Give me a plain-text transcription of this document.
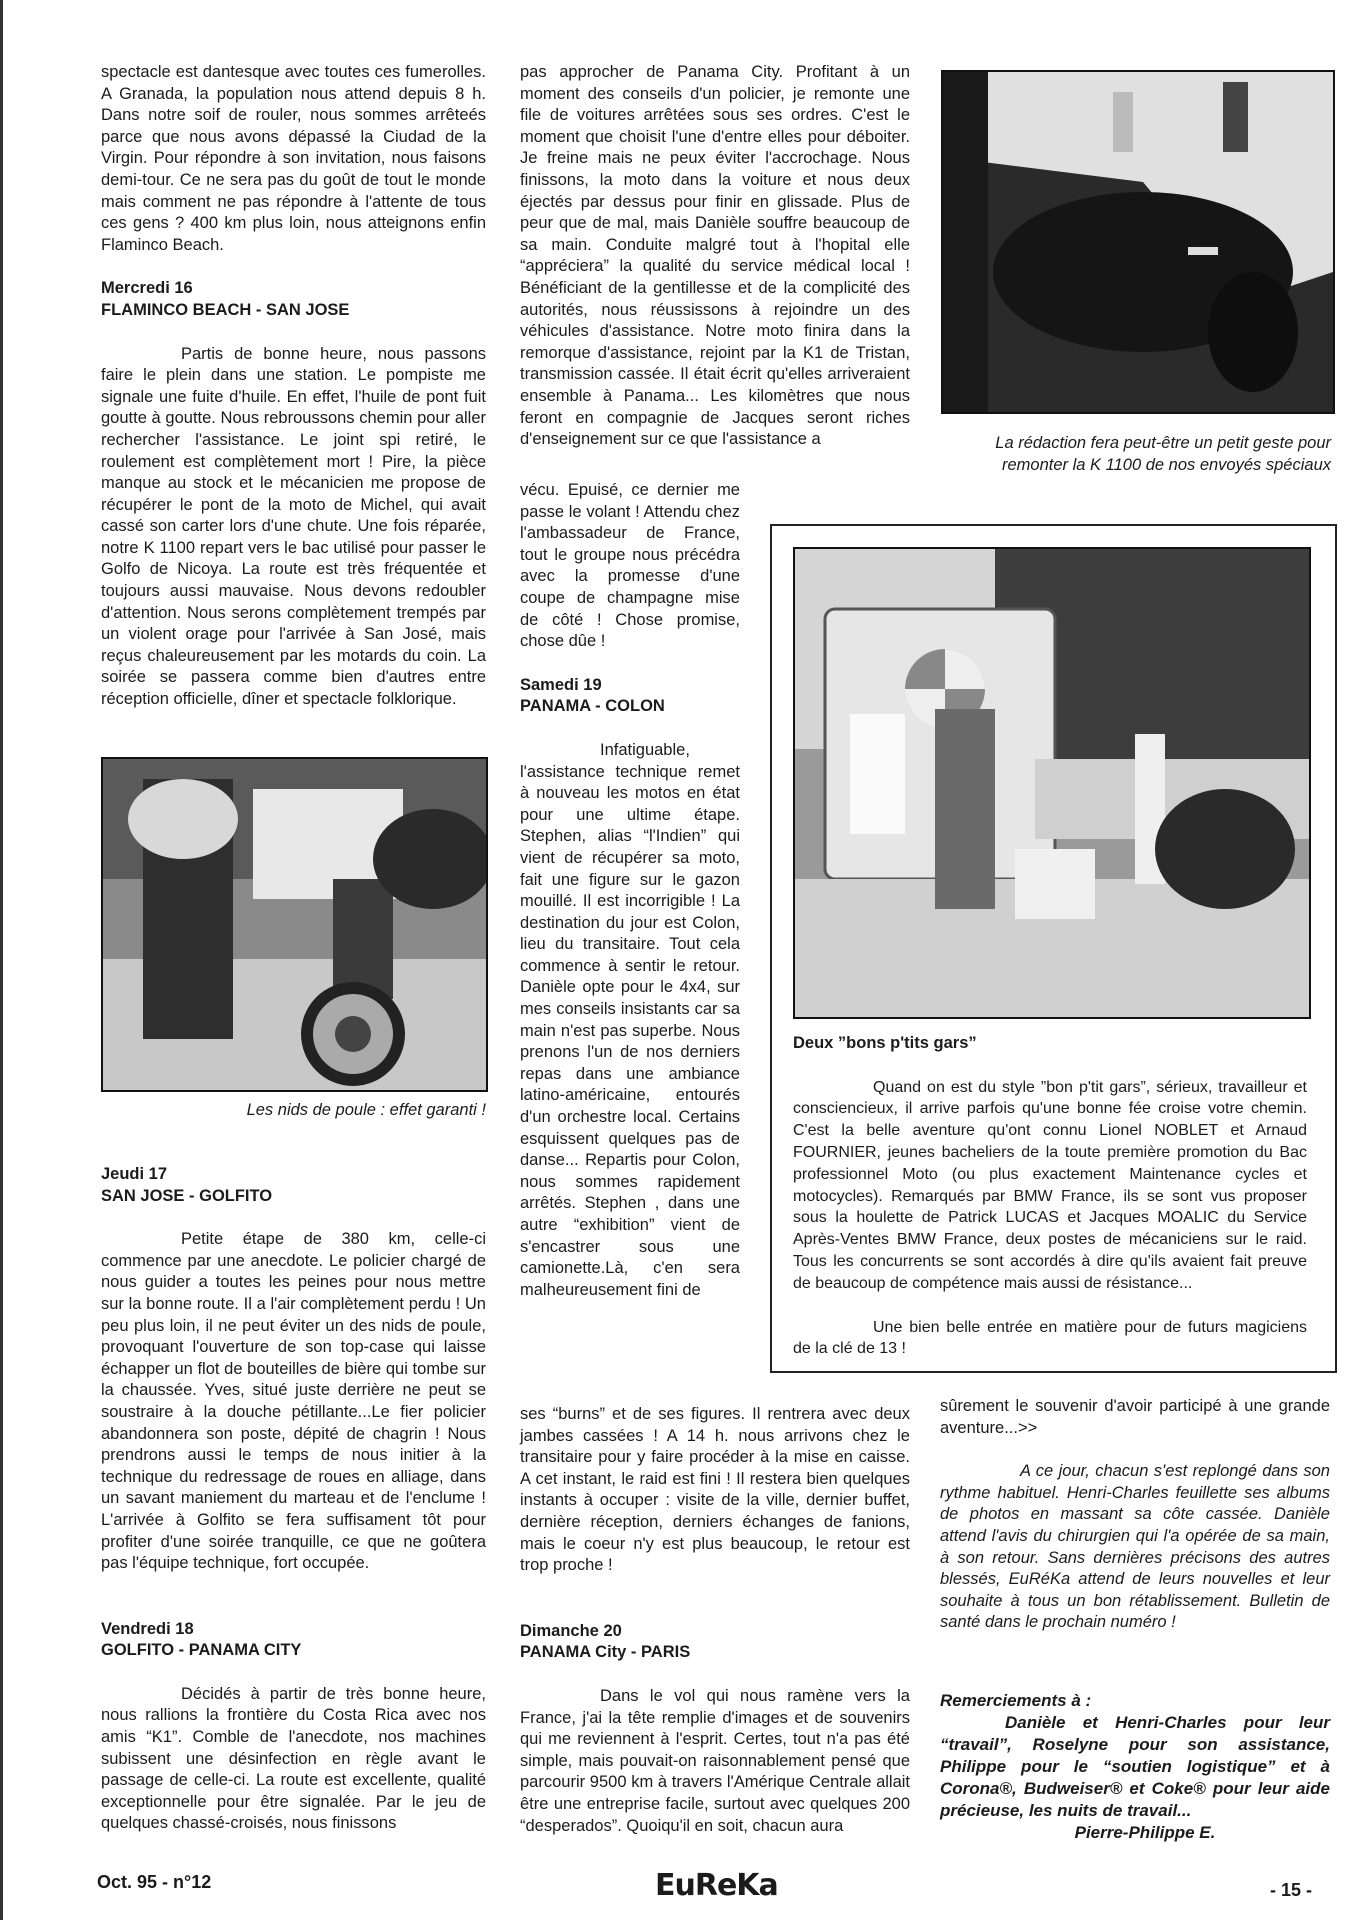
spectacle est dantesque avec toutes ces fumerolles. A Granada, la population nous attend depuis 8 h. Dans notre soif de rouler, nous sommes arrêteés parce que nous avons dépassé la Ciudad de la Virgin. Pour répondre à son invitation, nous faisons demi-tour. Ce ne sera pas du goût de tout le monde mais comment ne pas répondre à l'attente de tous ces gens ? 400 km plus loin, nous atteignons enfin Flaminco Beach.

Mercredi 16

FLAMINCO BEACH - SAN JOSE

Partis de bonne heure, nous passons faire le plein dans une station. Le pompiste me signale une fuite d'huile. En effet, l'huile de pont fuit goutte à goutte. Nous rebroussons chemin pour aller rechercher l'assistance. Le joint spi retiré, le roulement est complètement mort ! Pire, la pièce manque au stock et le mécanicien me propose de récupérer le pont de la moto de Michel, qui avait cassé son carter lors d'une chute. Une fois réparée, notre K 1100 repart vers le bac utilisé pour passer le Golfo de Nicoya. La route est très fréquentée et toujours aussi mauvaise. Nous devons redoubler d'attention. Nous serons complètement trempés par un violent orage pour l'arrivée à San José, mais reçus chaleureusement par les motards du coin. La soirée se passera comme bien d'autres entre réception officielle, dîner et spectacle folklorique.

Les nids de poule : effet garanti !

Jeudi 17

SAN JOSE - GOLFITO

Petite étape de 380 km, celle-ci commence par une anecdote. Le policier chargé de nous guider a toutes les peines pour nous mettre sur la bonne route. Il a l'air complètement perdu ! Un peu plus loin, il ne peut éviter un des nids de poule, provoquant l'ouverture de son top-case qui laisse échapper un flot de bouteilles de bière qui tombe sur la chaussée. Yves, situé juste derrière ne peut se soustraire à la douche pétillante...Le fier policier abandonnera son poste, dépité de chagrin ! Nous prendrons aussi le temps de nous initier à la technique du redressage de roues en alliage, dans un savant maniement du marteau et de l'enclume ! L'arrivée à Golfito se fera suffisament tôt pour profiter d'une soirée tranquille, ce que ne goûtera pas l'équipe technique, fort occupée.

Vendredi 18

GOLFITO - PANAMA CITY

Décidés à partir de très bonne heure, nous rallions la frontière du Costa Rica avec nos amis “K1”. Comble de l'anecdote, nos machines subissent une désinfection en règle avant le passage de celle-ci. La route est excellente, qualité exceptionnelle pour être signalée. Par le jeu de quelques chassé-croisés, nous finissons

Oct. 95 - n°12

pas approcher de Panama City. Profitant à un moment des conseils d'un policier, je remonte une file de voitures arrêtées sous ses ordres. C'est le moment que choisit l'une d'entre elles pour déboiter. Je freine mais ne peux éviter l'accrochage. Nous finissons, la moto dans la voiture et nous deux éjectés par dessus pour finir en glissade. Plus de peur que de mal, mais Danièle souffre beaucoup de sa main. Conduite malgré tout à l'hopital elle “appréciera” la qualité du service médical local ! Bénéficiant de la gentillesse et de la complicité des autorités, nous réussissons à rejoindre un des véhicules d'assistance. Notre moto finira dans la remorque d'assistance, rejoint par la K1 de Tristan, transmission cassée. Il était écrit qu'elles arriveraient ensemble à Panama... Les kilomètres que nous feront en compagnie de Jacques seront riches d'enseignement sur ce que l'assistance a

vécu. Epuisé, ce dernier me passe le volant ! Attendu chez l'ambassadeur de France, tout le groupe nous précédra avec la promesse d'une coupe de champagne mise de côté ! Chose promise, chose dûe !

Samedi 19

PANAMA - COLON

Infatiguable, l'assistance technique remet à nouveau les motos en état pour une ultime étape. Stephen, alias “l'Indien” qui vient de récupérer sa moto, fait une figure sur le gazon mouillé. Il est incorrigible ! La destination du jour est Colon, lieu du transitaire. Tout cela commence à sentir le retour. Danièle opte pour le 4x4, sur mes conseils insistants car sa main n'est pas superbe. Nous prenons l'un de nos derniers repas dans une ambiance latino-américaine, entourés d'un orchestre local. Certains esquissent quelques pas de danse... Repartis pour Colon, nous sommes rapidement arrêtés. Stephen , dans une autre “exhibition” vient de s'encastrer sous une camionette.Là, c'en sera malheureusement fini de

ses “burns” et de ses figures. Il rentrera avec deux jambes cassées ! A 14 h. nous arrivons chez le transitaire pour y faire procéder à la mise en caisse. A cet instant, le raid est fini ! Il restera bien quelques instants à occuper : visite de la ville, dernier buffet, dernière réception, derniers échanges de fanions, mais le coeur n'y est plus beaucoup, le retour est trop proche !

Dimanche 20

PANAMA City - PARIS

Dans le vol qui nous ramène vers la France, j'ai la tête remplie d'images et de souvenirs qui me reviennent à l'esprit. Certes, tout n'a pas été simple, mais pouvait-on raisonnablement pensé que parcourir 9500 km à travers l'Amérique Centrale allait être une entreprise facile, surtout avec quelques 200 “desperados”. Quoiqu'il en soit, chacun aura

EuReKa
La rédaction fera peut-être un petit geste pour remonter la K 1100 de nos envoyés spéciaux

Deux ”bons p'tits gars”

Quand on est du style ”bon p'tit gars”, sérieux, travailleur et consciencieux, il arrive parfois qu'une bonne fée croise votre chemin. C'est la belle aventure qu'ont connu Lionel NOBLET et Arnaud FOURNIER, jeunes bacheliers de la toute première promotion du Bac professionnel Moto (ou plus exactement Maintenance cycles et motocycles). Remarqués par BMW France, ils se sont vus proposer sous la houlette de Patrick LUCAS et Jacques MOALIC du Service Après-Ventes BMW France, deux postes de mécaniciens sur le raid. Tous les concurrents se sont accordés à dire qu'ils avaient fait preuve de beaucoup de compétence mais aussi de résistance...

Une bien belle entrée en matière pour de futurs magiciens de la clé de 13 !

sûrement le souvenir d'avoir participé à une grande aventure...>>

A ce jour, chacun s'est replongé dans son rythme habituel. Henri-Charles feuillette ses albums de photos en massant sa côte cassée. Danièle attend l'avis du chirurgien qui l'a opérée de sa main, à son retour. Sans dernières précisons des autres blessés, EuRéKa attend de leurs nouvelles et leur souhaite à tous un bon rétablissement. Bulletin de santé dans le prochain numéro !

Remerciements à :

Danièle et Henri-Charles pour leur “travail”, Roselyne pour son assistance, Philippe pour le “soutien logistique” et à Corona®, Budweiser® et Coke® pour leur aide précieuse, les nuits de travail...

Pierre-Philippe E.

- 15 -
